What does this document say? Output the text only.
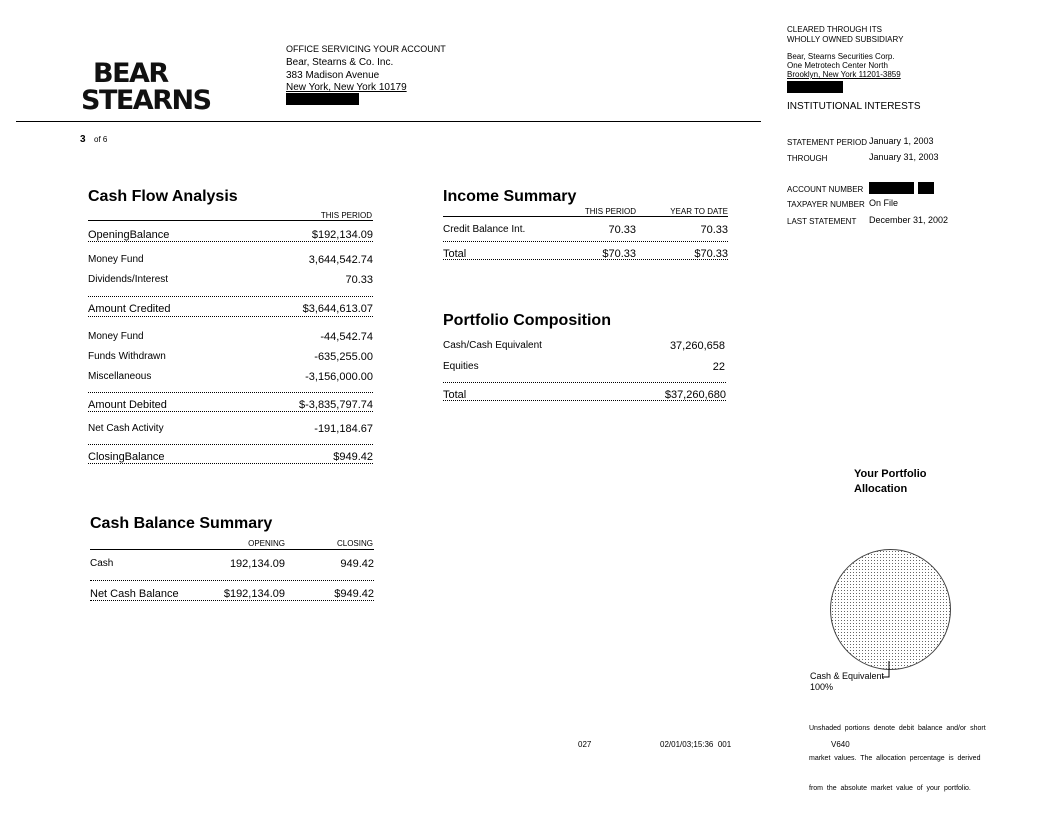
BEAR
STEARNS
OFFICE SERVICING YOUR ACCOUNT
Bear, Stearns & Co. Inc.
383 Madison Avenue
New York, New York 10179
CLEARED THROUGH ITS
WHOLLY OWNED SUBSIDIARY
Bear, Stearns Securities Corp.
One Metrotech Center North
Brooklyn, New York 11201-3859
INSTITUTIONAL INTERESTS
3 of 6	STATEMENT PERIOD January 1, 2003
THROUGH	January 31, 2003
ACCOUNT NUMBER
TAXPAYER NUMBER On File
LAST STATEMENT December 31, 2002
Cash Flow Analysis
THIS PERIOD
OpeningBalance	$192,134.09
Money Fund	3,644,542.74
Dividends/Interest	70.33
Amount Credited	$3,644,613.07
Money Fund	-44,542.74
Funds Withdrawn	-635,255.00
Miscellaneous	-3,156,000.00
Amount Debited	$-3,835,797.74
Net Cash Activity	-191,184.67
ClosingBalance	$949.42
Income Summary
THIS PERIOD	YEAR TO DATE
Credit Balance Int.	70.33	70.33
Total	$70.33	$70.33
Portfolio Composition
Cash/Cash Equivalent	37,260,658
Equities	22
Total	$37,260,680
Cash Balance Summary
OPENING	CLOSING
Cash	192,134.09	949.42
Net Cash Balance	$192,134.09	$949.42
Your Portfolio
Allocation
Cash & Equivalent
100%

Unshaded  portions  denote  debit  balance  and/or  short

market  values.  The  allocation  percentage  is  derived

from  the  absolute  market  value  of  your  portfolio.

027	02/01/03;15:36  001	V640
